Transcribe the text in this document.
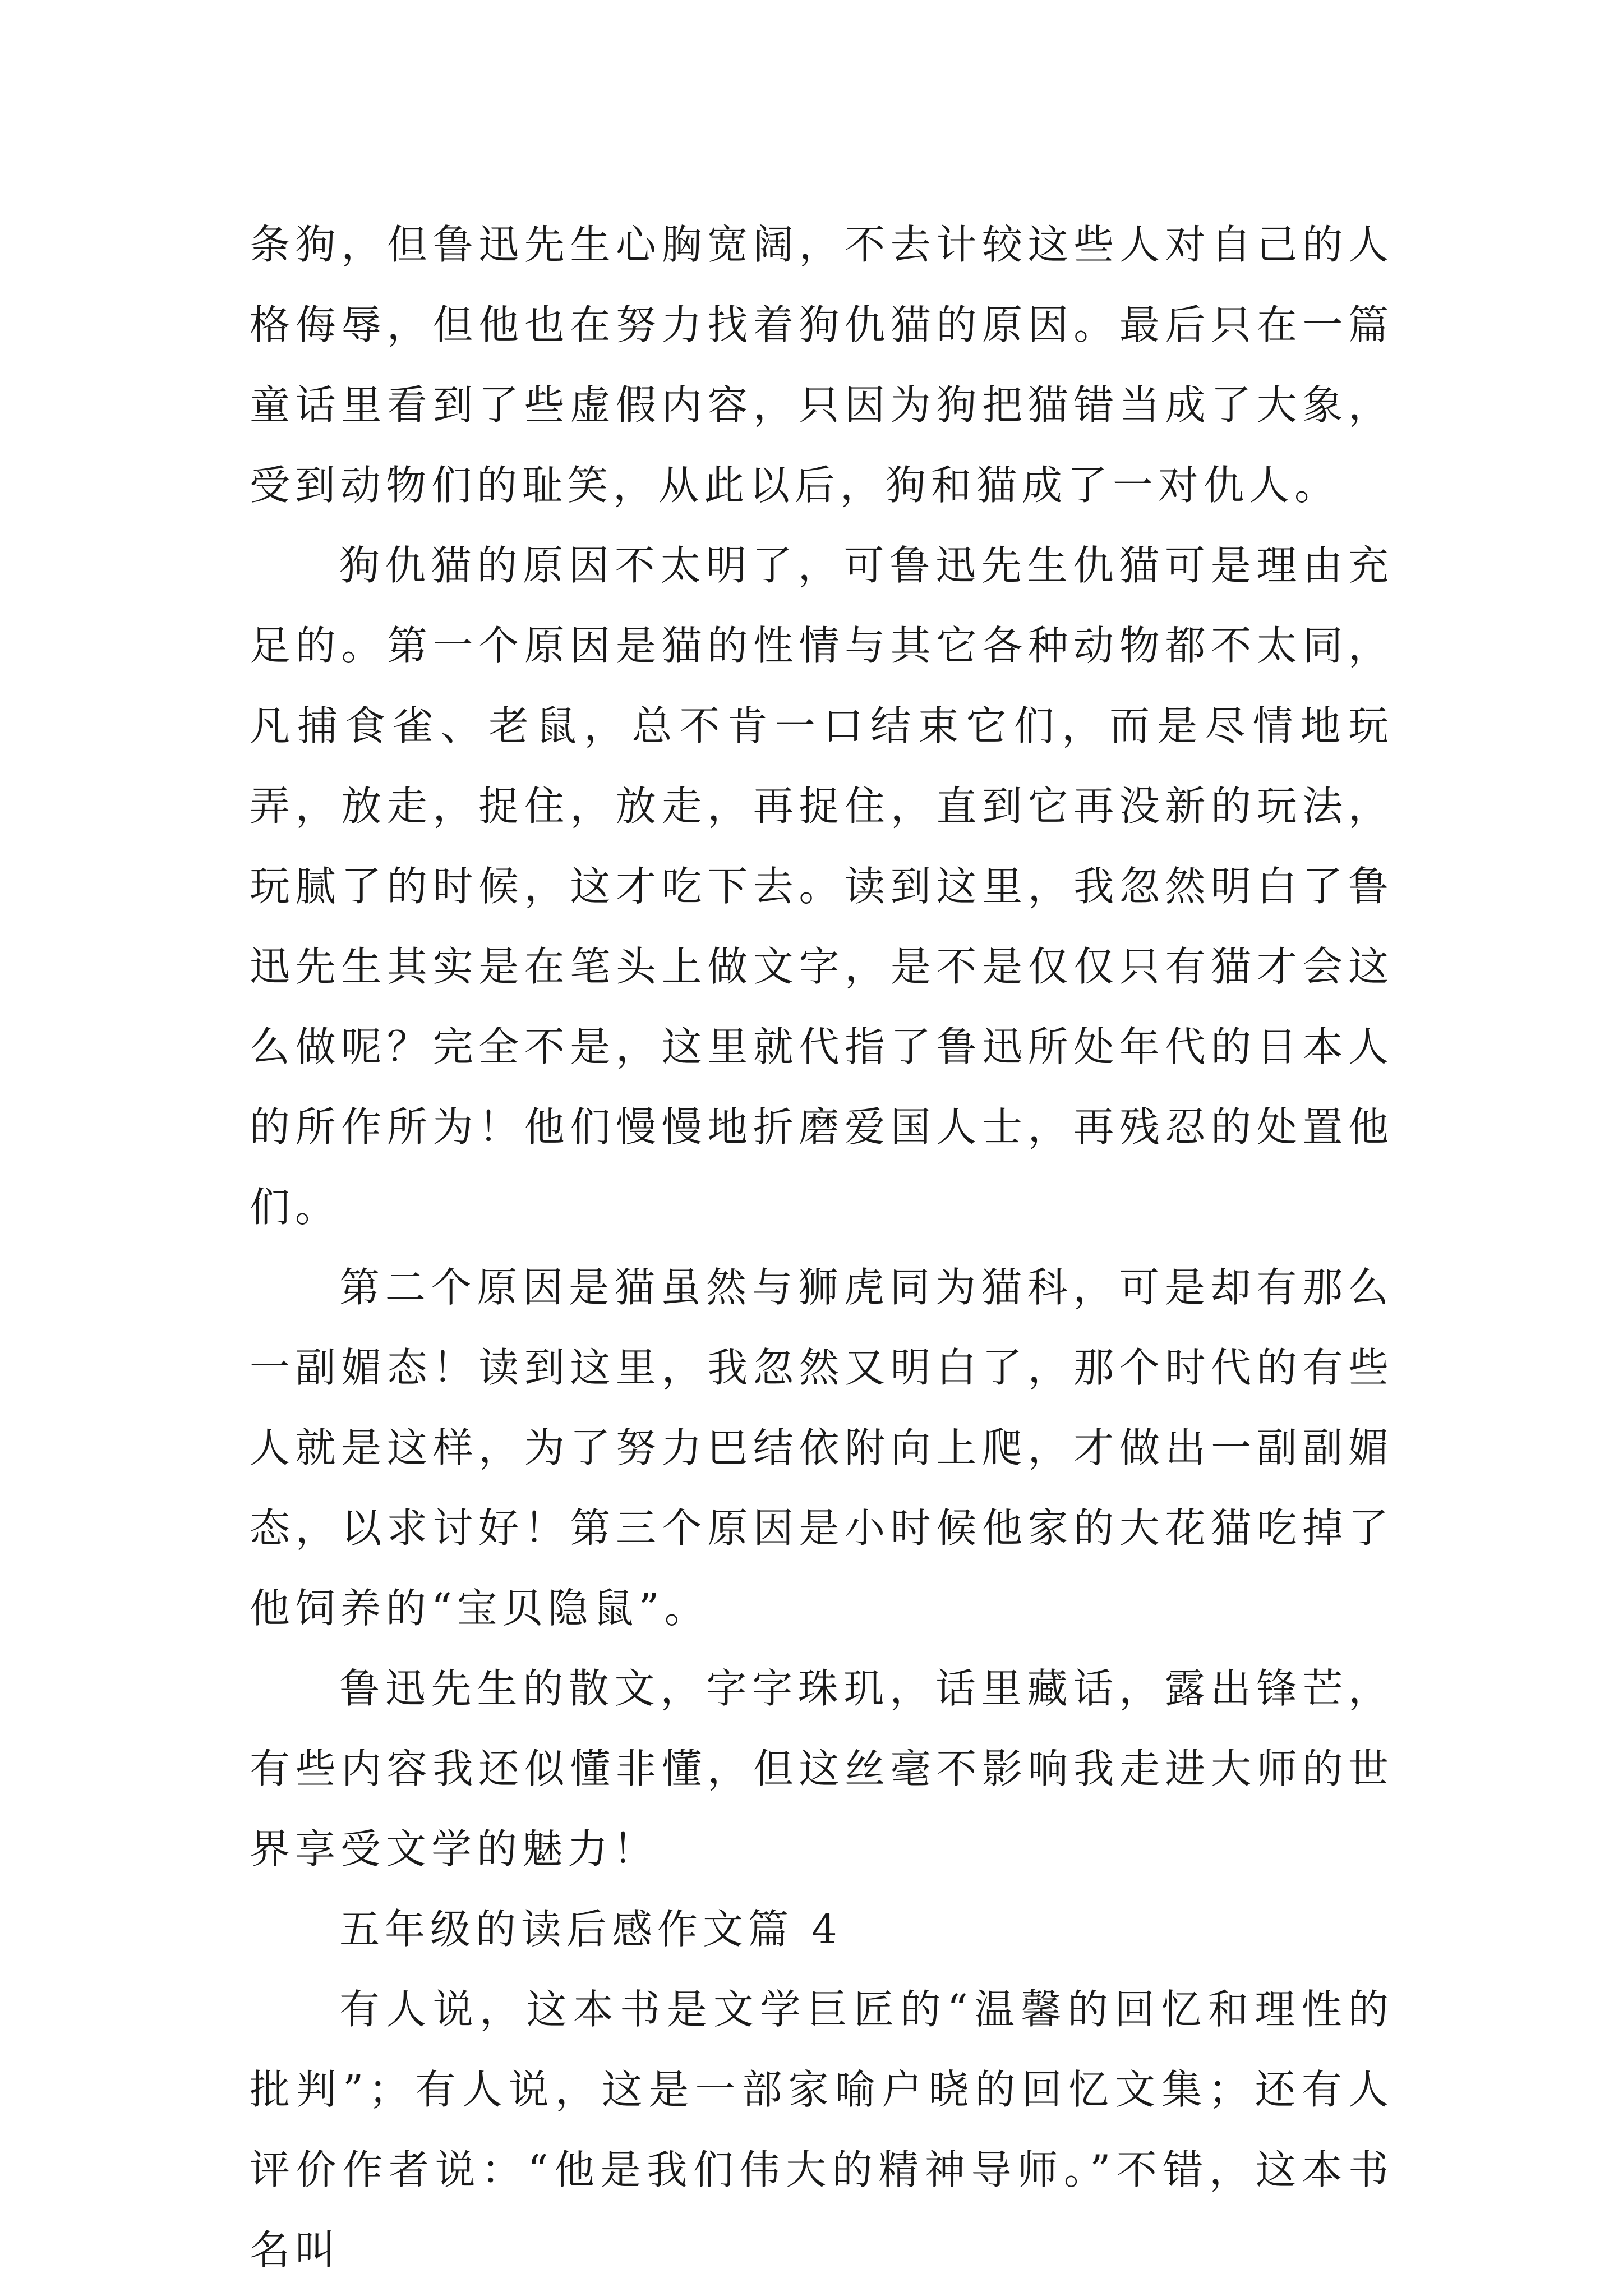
条狗，但鲁迅先生心胸宽阔，不去计较这些人对自己的人格侮辱，但他也在努力找着狗仇猫的原因。最后只在一篇童话里看到了些虚假内容，只因为狗把猫错当成了大象，受到动物们的耻笑，从此以后，狗和猫成了一对仇人。

狗仇猫的原因不太明了，可鲁迅先生仇猫可是理由充足的。第一个原因是猫的性情与其它各种动物都不太同，凡捕食雀、老鼠，总不肯一口结束它们，而是尽情地玩弄，放走，捉住，放走，再捉住，直到它再没新的玩法，玩腻了的时候，这才吃下去。读到这里，我忽然明白了鲁迅先生其实是在笔头上做文字，是不是仅仅只有猫才会这么做呢？完全不是，这里就代指了鲁迅所处年代的日本人的所作所为！他们慢慢地折磨爱国人士，再残忍的处置他们。

第二个原因是猫虽然与狮虎同为猫科，可是却有那么一副媚态！读到这里，我忽然又明白了，那个时代的有些人就是这样，为了努力巴结依附向上爬，才做出一副副媚态，以求讨好！第三个原因是小时候他家的大花猫吃掉了他饲养的“宝贝隐鼠”。

鲁迅先生的散文，字字珠玑，话里藏话，露出锋芒，有些内容我还似懂非懂，但这丝毫不影响我走进大师的世界享受文学的魅力！

五年级的读后感作文篇 4

有人说，这本书是文学巨匠的“温馨的回忆和理性的批判”；有人说，这是一部家喻户晓的回忆文集；还有人评价作者说：“他是我们伟大的精神导师。”不错，这本书名叫
